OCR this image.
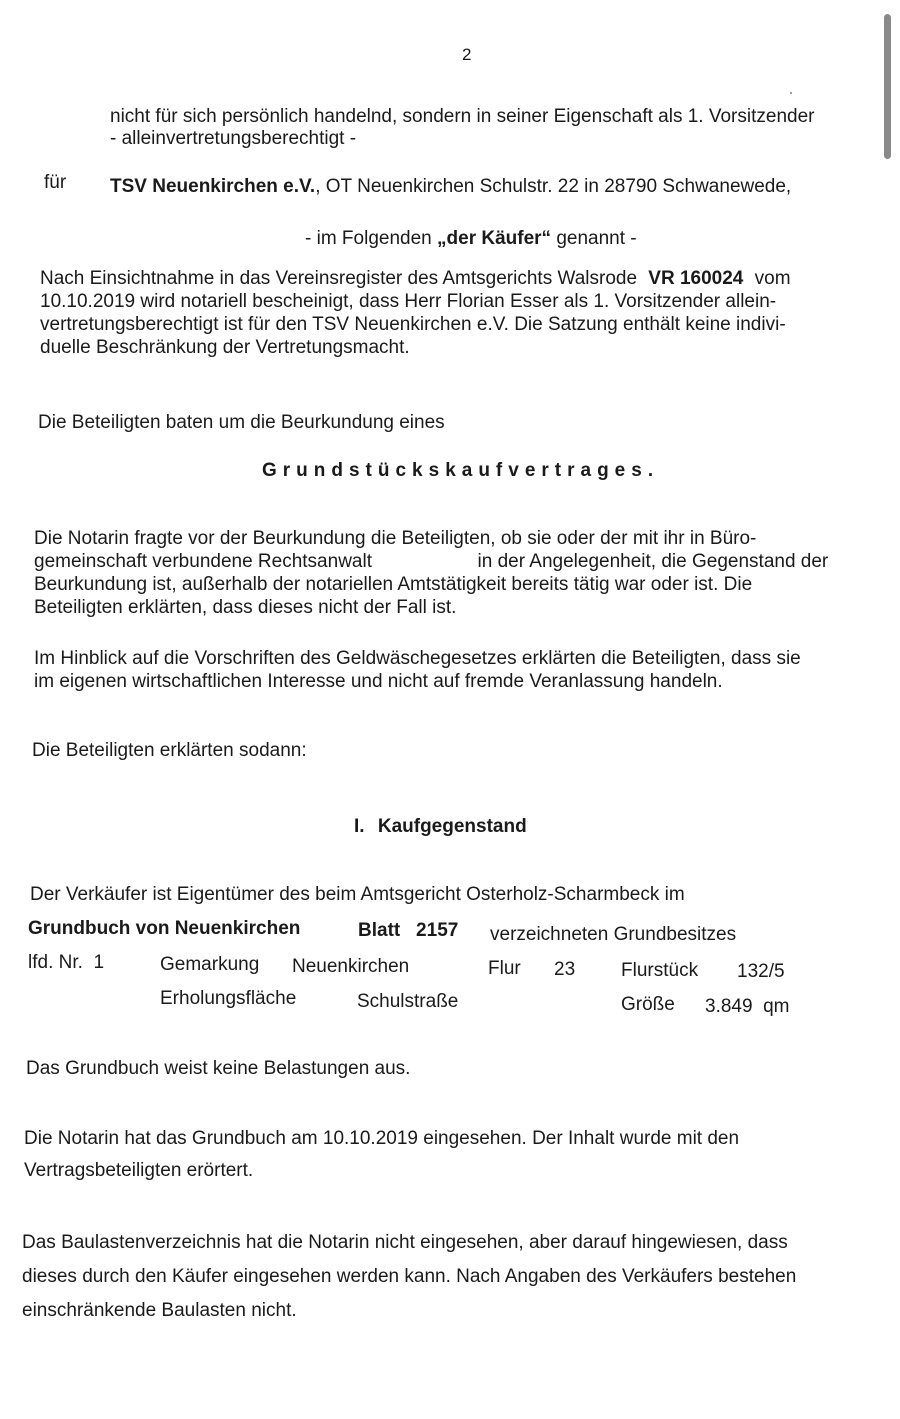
2
nicht für sich persönlich handelnd, sondern in seiner Eigenschaft als 1. Vorsitzender
- alleinvertretungsberechtigt -
für TSV Neuenkirchen e.V., OT Neuenkirchen Schulstr. 22 in 28790 Schwanewede,
- im Folgenden „der Käufer“ genannt -
Nach Einsichtnahme in das Vereinsregister des Amtsgerichts Walsrode VR 160024 vom
10.10.2019 wird notariell bescheinigt, dass Herr Florian Esser als 1. Vorsitzender allein-
vertretungsberechtigt ist für den TSV Neuenkirchen e.V. Die Satzung enthält keine indivi-
duelle Beschränkung der Vertretungsmacht.
Die Beteiligten baten um die Beurkundung eines
Grundstückskaufvertrages.
Die Notarin fragte vor der Beurkundung die Beteiligten, ob sie oder der mit ihr in Büro-
gemeinschaft verbundene Rechtsanwalt	in der Angelegenheit, die Gegenstand der
Beurkundung ist, außerhalb der notariellen Amtstätigkeit bereits tätig war oder ist. Die
Beteiligten erklärten, dass dieses nicht der Fall ist.
Im Hinblick auf die Vorschriften des Geldwäschegesetzes erklärten die Beteiligten, dass sie
im eigenen wirtschaftlichen Interesse und nicht auf fremde Veranlassung handeln.
Die Beteiligten erklärten sodann:
I. Kaufgegenstand
Der Verkäufer ist Eigentümer des beim Amtsgericht Osterholz-Scharmbeck im
Grundbuch von Neuenkirchen	Blatt   2157 verzeichneten Grundbesitzes
lfd. Nr.  1	Gemarkung Neuenkirchen	Flur 23 Flurstück 132/5
Erholungsfläche	Schulstraße	Größe 3.849  qm
Das Grundbuch weist keine Belastungen aus.
Die Notarin hat das Grundbuch am 10.10.2019 eingesehen. Der Inhalt wurde mit den
Vertragsbeteiligten erörtert.
Das Baulastenverzeichnis hat die Notarin nicht eingesehen, aber darauf hingewiesen, dass
dieses durch den Käufer eingesehen werden kann. Nach Angaben des Verkäufers bestehen
einschränkende Baulasten nicht.
